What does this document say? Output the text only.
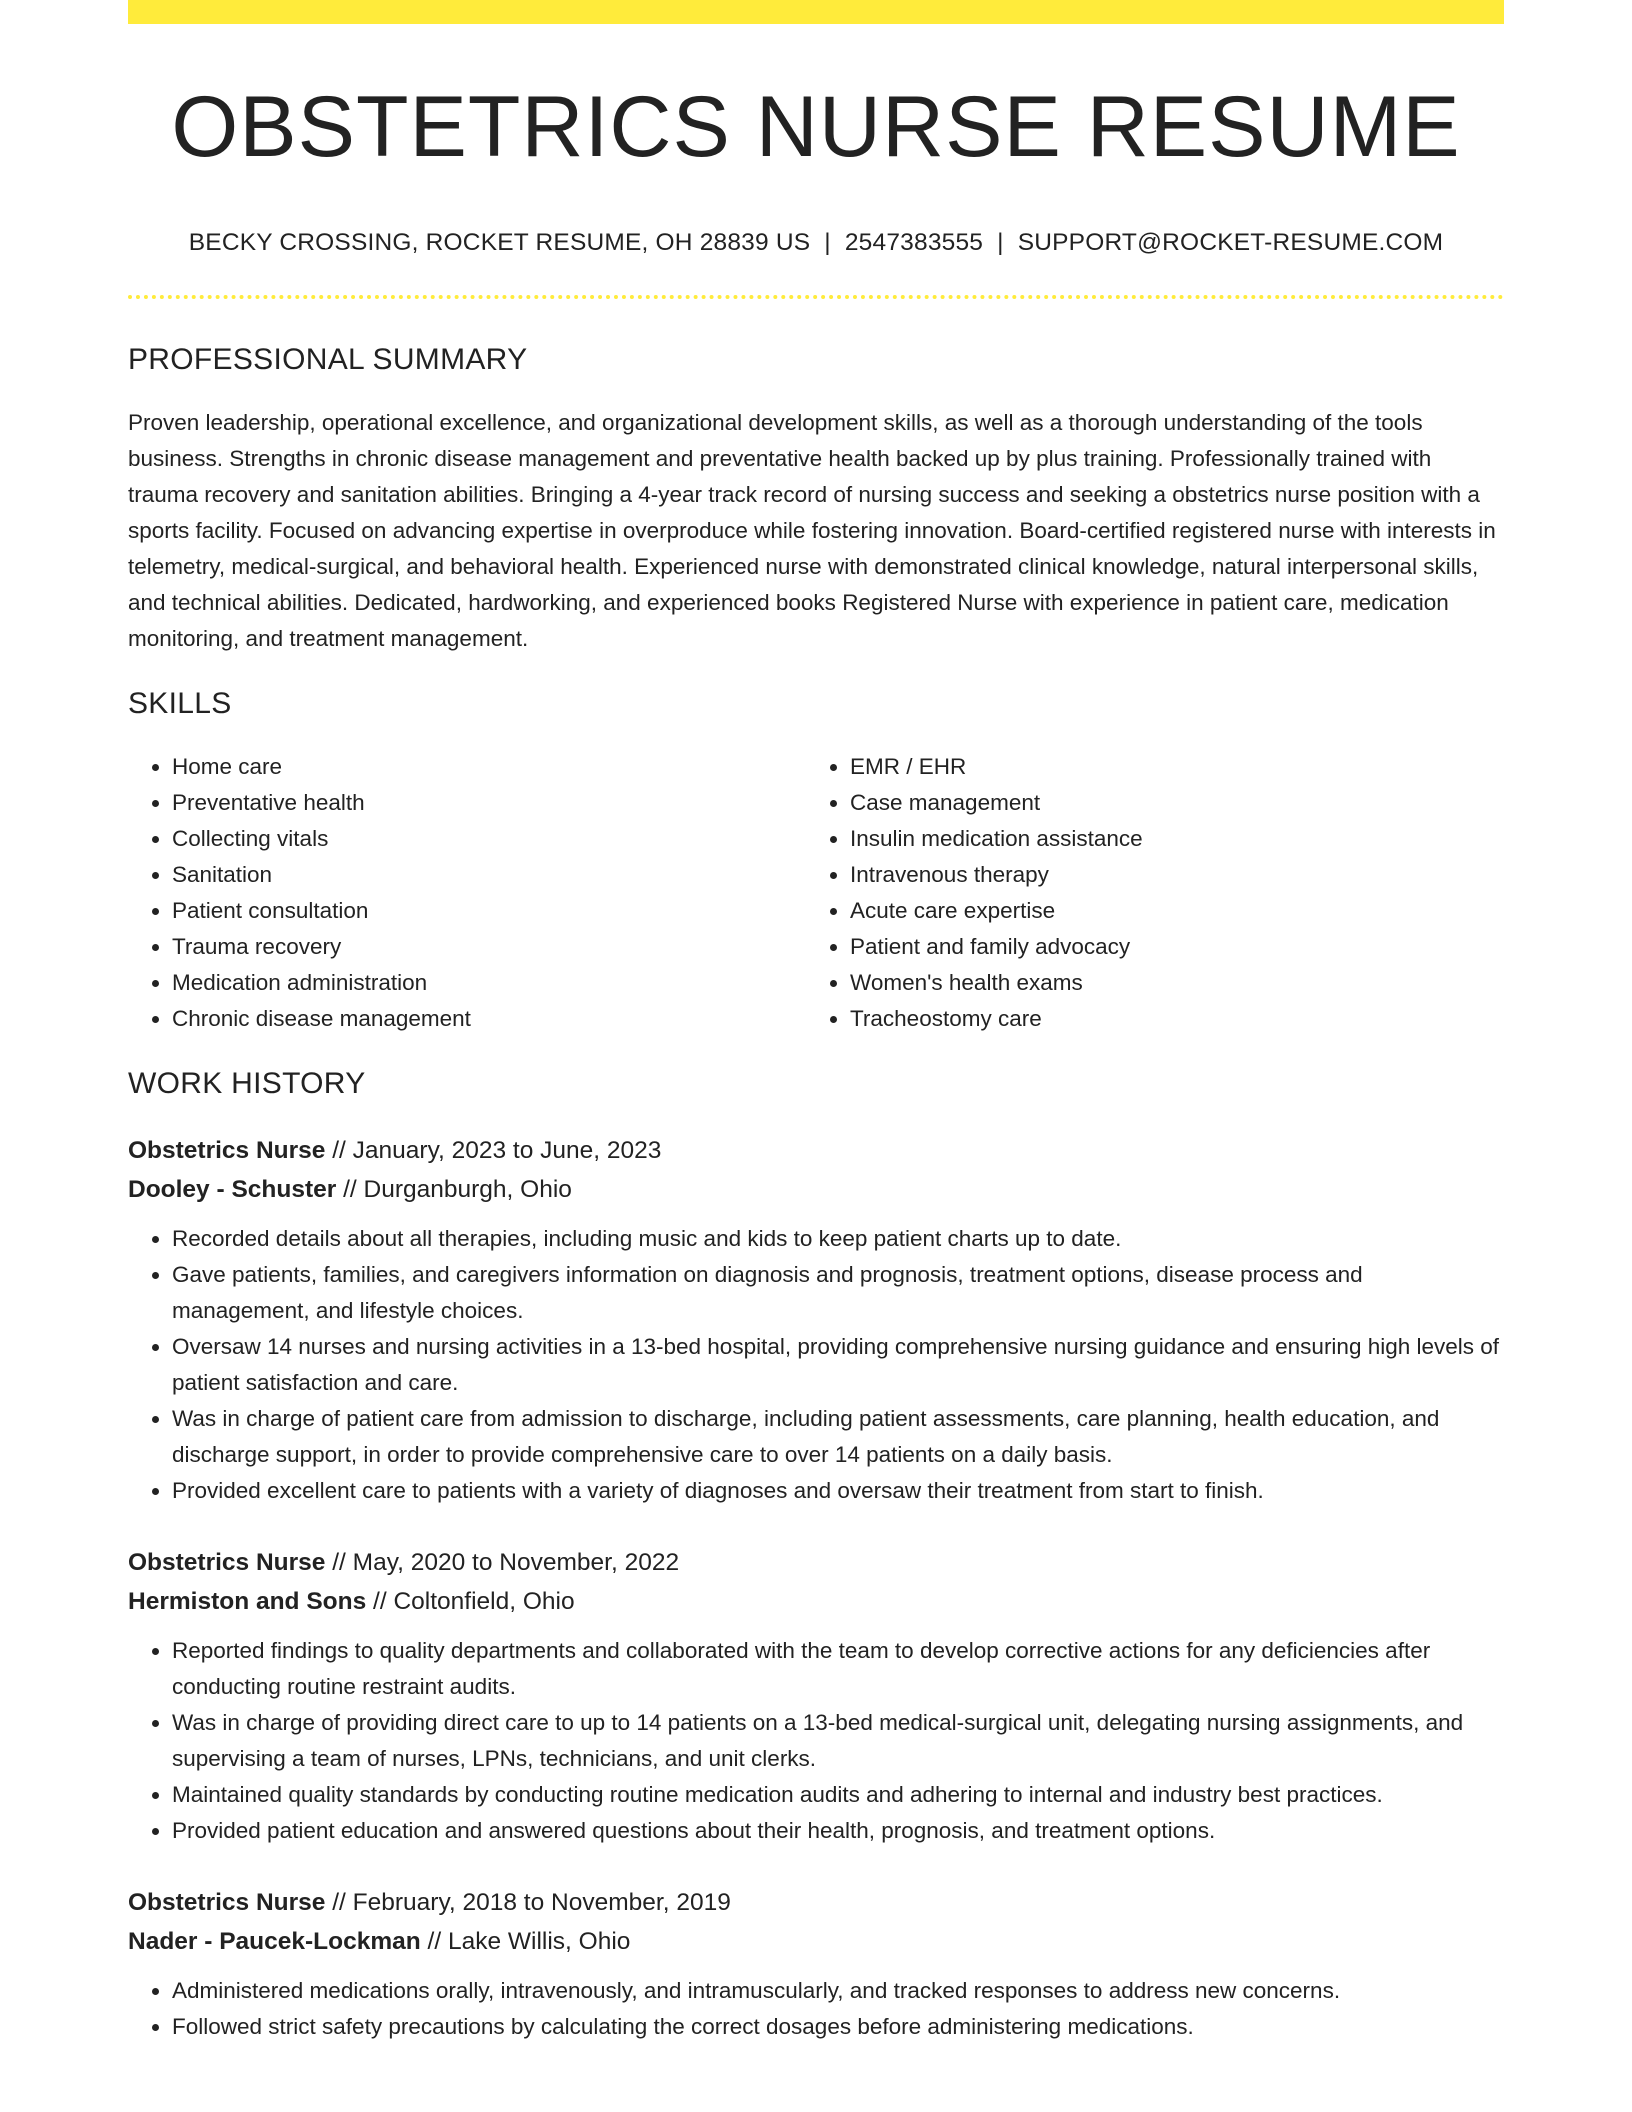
OBSTETRICS NURSE RESUME
BECKY CROSSING, ROCKET RESUME, OH 28839 US | 2547383555 | SUPPORT@ROCKET-RESUME.COM
PROFESSIONAL SUMMARY

Proven leadership, operational excellence, and organizational development skills, as well as a thorough understanding of the tools business. Strengths in chronic disease management and preventative health backed up by plus training. Professionally trained with trauma recovery and sanitation abilities. Bringing a 4-year track record of nursing success and seeking a obstetrics nurse position with a sports facility. Focused on advancing expertise in overproduce while fostering innovation. Board-certified registered nurse with interests in telemetry, medical-surgical, and behavioral health. Experienced nurse with demonstrated clinical knowledge, natural interpersonal skills, and technical abilities. Dedicated, hardworking, and experienced books Registered Nurse with experience in patient care, medication monitoring, and treatment management.

SKILLS
• Home care
• Preventative health
• Collecting vitals
• Sanitation
• Patient consultation
• Trauma recovery
• Medication administration
• Chronic disease management
• EMR / EHR
• Case management
• Insulin medication assistance
• Intravenous therapy
• Acute care expertise
• Patient and family advocacy
• Women's health exams
• Tracheostomy care
WORK HISTORY
Obstetrics Nurse // January, 2023 to June, 2023
Dooley - Schuster // Durganburgh, Ohio
• Recorded details about all therapies, including music and kids to keep patient charts up to date.
• Gave patients, families, and caregivers information on diagnosis and prognosis, treatment options, disease process and management, and lifestyle choices.
• Oversaw 14 nurses and nursing activities in a 13-bed hospital, providing comprehensive nursing guidance and ensuring high levels of patient satisfaction and care.
• Was in charge of patient care from admission to discharge, including patient assessments, care planning, health education, and discharge support, in order to provide comprehensive care to over 14 patients on a daily basis.
• Provided excellent care to patients with a variety of diagnoses and oversaw their treatment from start to finish.
Obstetrics Nurse // May, 2020 to November, 2022
Hermiston and Sons // Coltonfield, Ohio
• Reported findings to quality departments and collaborated with the team to develop corrective actions for any deficiencies after conducting routine restraint audits.
• Was in charge of providing direct care to up to 14 patients on a 13-bed medical-surgical unit, delegating nursing assignments, and supervising a team of nurses, LPNs, technicians, and unit clerks.
• Maintained quality standards by conducting routine medication audits and adhering to internal and industry best practices.
• Provided patient education and answered questions about their health, prognosis, and treatment options.
Obstetrics Nurse // February, 2018 to November, 2019
Nader - Paucek-Lockman // Lake Willis, Ohio
• Administered medications orally, intravenously, and intramuscularly, and tracked responses to address new concerns.
• Followed strict safety precautions by calculating the correct dosages before administering medications.
